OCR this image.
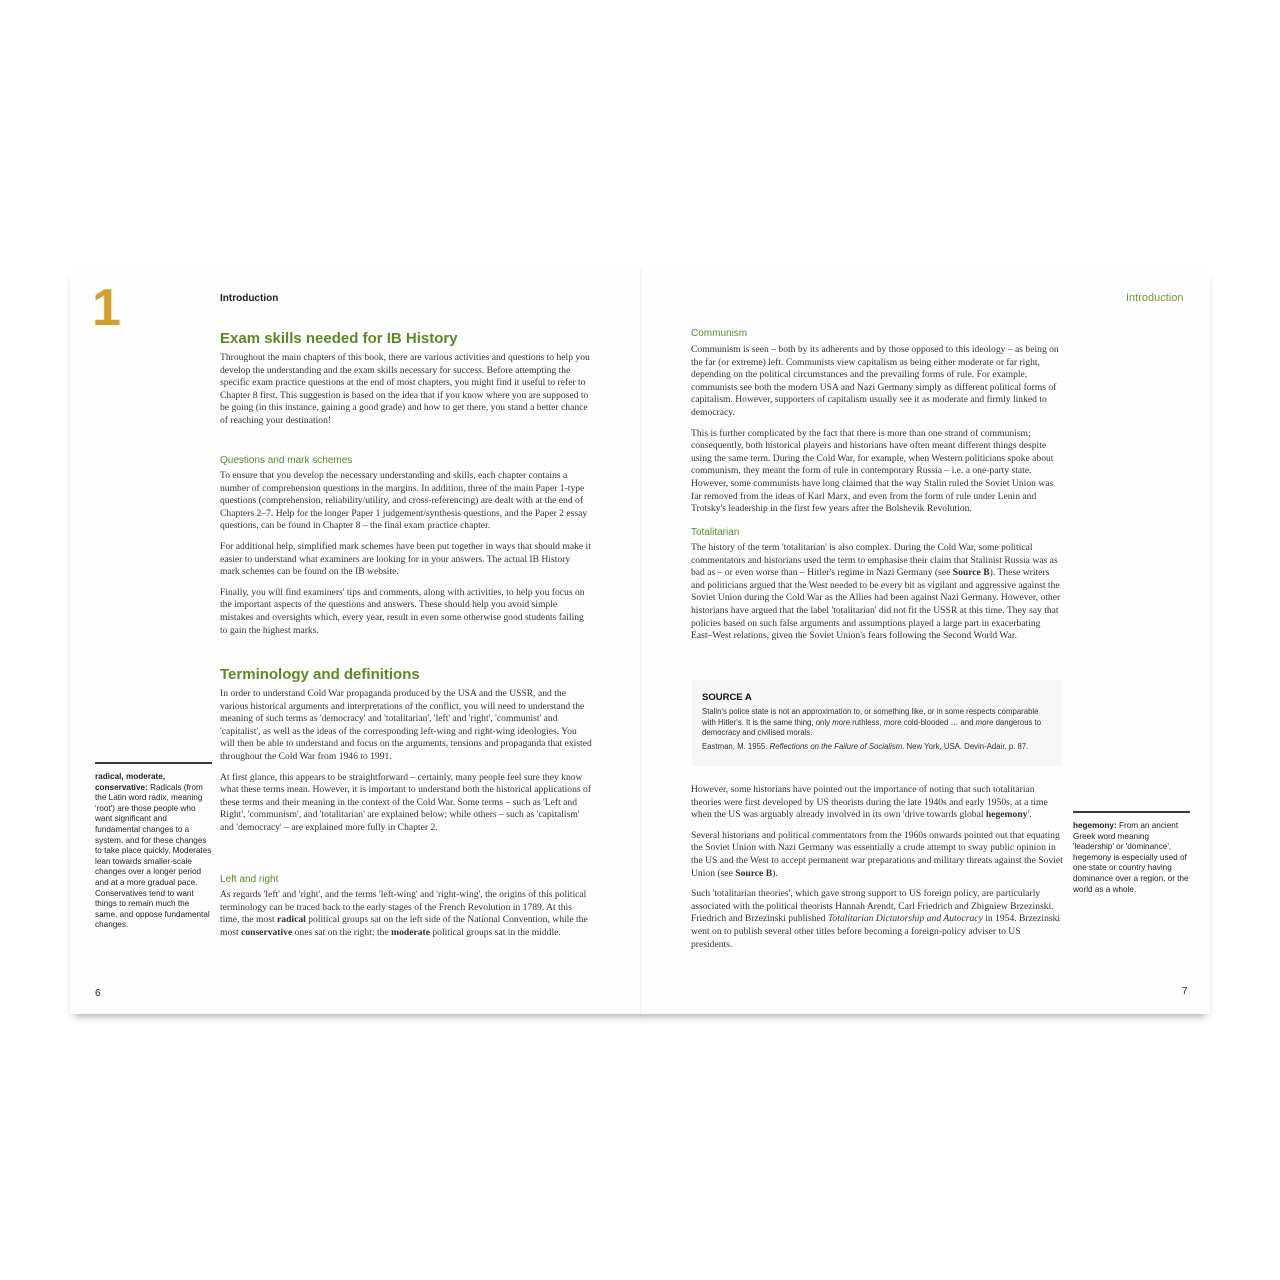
1	Introduction
Exam skills needed for IB History

Throughout the main chapters of this book, there are various activities and questions to help you develop the understanding and the exam skills necessary for success. Before attempting the specific exam practice questions at the end of most chapters, you might find it useful to refer to Chapter 8 first. This suggestion is based on the idea that if you know where you are supposed to be going (in this instance, gaining a good grade) and how to get there, you stand a better chance of reaching your destination!

Questions and mark schemes

To ensure that you develop the necessary understanding and skills, each chapter contains a number of comprehension questions in the margins. In addition, three of the main Paper 1-type questions (comprehension, reliability/utility, and cross-referencing) are dealt with at the end of Chapters 2–7. Help for the longer Paper 1 judgement/synthesis questions, and the Paper 2 essay questions, can be found in Chapter 8 – the final exam practice chapter.

For additional help, simplified mark schemes have been put together in ways that should make it easier to understand what examiners are looking for in your answers. The actual IB History mark schemes can be found on the IB website.

Finally, you will find examiners' tips and comments, along with activities, to help you focus on the important aspects of the questions and answers. These should help you avoid simple mistakes and oversights which, every year, result in even some otherwise good students failing to gain the highest marks.

Terminology and definitions

In order to understand Cold War propaganda produced by the USA and the USSR, and the various historical arguments and interpretations of the conflict, you will need to understand the meaning of such terms as 'democracy' and 'totalitarian', 'left' and 'right', 'communist' and 'capitalist', as well as the ideas of the corresponding left-wing and right-wing ideologies. You will then be able to understand and focus on the arguments, tensions and propaganda that existed throughout the Cold War from 1946 to 1991.

At first glance, this appears to be straightforward – certainly, many people feel sure they know what these terms mean. However, it is important to understand both the historical applications of these terms and their meaning in the context of the Cold War. Some terms – such as 'Left and Right', 'communism', and 'totalitarian' are explained below; while others – such as 'capitalism' and 'democracy' – are explained more fully in Chapter 2.

Left and right

As regards 'left' and 'right', and the terms 'left-wing' and 'right-wing', the origins of this political terminology can be traced back to the early stages of the French Revolution in 1789. At this time, the most radical political groups sat on the left side of the National Convention, while the most conservative ones sat on the right; the moderate political groups sat in the middle.

radical, moderate, conservative: Radicals (from the Latin word radix, meaning 'root') are those people who want significant and fundamental changes to a system, and for these changes to take place quickly. Moderates lean towards smaller-scale changes over a longer period and at a more gradual pace. Conservatives tend to want things to remain much the same, and oppose fundamental changes.
6
Introduction
Communism

Communism is seen – both by its adherents and by those opposed to this ideology – as being on the far (or extreme) left. Communists view capitalism as being either moderate or far right, depending on the political circumstances and the prevailing forms of rule. For example, communists see both the modern USA and Nazi Germany simply as different political forms of capitalism. However, supporters of capitalism usually see it as moderate and firmly linked to democracy.

This is further complicated by the fact that there is more than one strand of communism; consequently, both historical players and historians have often meant different things despite using the same term. During the Cold War, for example, when Western politicians spoke about communism, they meant the form of rule in contemporary Russia – i.e. a one-party state. However, some communists have long claimed that the way Stalin ruled the Soviet Union was far removed from the ideas of Karl Marx, and even from the form of rule under Lenin and Trotsky's leadership in the first few years after the Bolshevik Revolution.

Totalitarian

The history of the term 'totalitarian' is also complex. During the Cold War, some political commentators and historians used the term to emphasise their claim that Stalinist Russia was as bad as – or even worse than – Hitler's regime in Nazi Germany (see Source B). These writers and politicians argued that the West needed to be every bit as vigilant and aggressive against the Soviet Union during the Cold War as the Allies had been against Nazi Germany. However, other historians have argued that the label 'totalitarian' did not fit the USSR at this time. They say that policies based on such false arguments and assumptions played a large part in exacerbating East–West relations, given the Soviet Union's fears following the Second World War.

SOURCE A
Stalin's police state is not an approximation to, or something like, or in some respects comparable with Hitler's. It is the same thing, only more ruthless, more cold-blooded … and more dangerous to democracy and civilised morals.
Eastman, M. 1955. Reflections on the Failure of Socialism. New York, USA. Devin-Adair. p. 87.

However, some historians have pointed out the importance of noting that such totalitarian theories were first developed by US theorists during the late 1940s and early 1950s, at a time when the US was arguably already involved in its own 'drive towards global hegemony'.

Several historians and political commentators from the 1960s onwards pointed out that equating the Soviet Union with Nazi Germany was essentially a crude attempt to sway public opinion in the US and the West to accept permanent war preparations and military threats against the Soviet Union (see Source B).

Such 'totalitarian theories', which gave strong support to US foreign policy, are particularly associated with the political theorists Hannah Arendt, Carl Friedrich and Zbigniew Brzezinski. Friedrich and Brzezinski published Totalitarian Dictatorship and Autocracy in 1954. Brzezinski went on to publish several other titles before becoming a foreign-policy adviser to US presidents.

hegemony: From an ancient Greek word meaning 'leadership' or 'dominance', hegemony is especially used of one state or country having dominance over a region, or the world as a whole.
7
